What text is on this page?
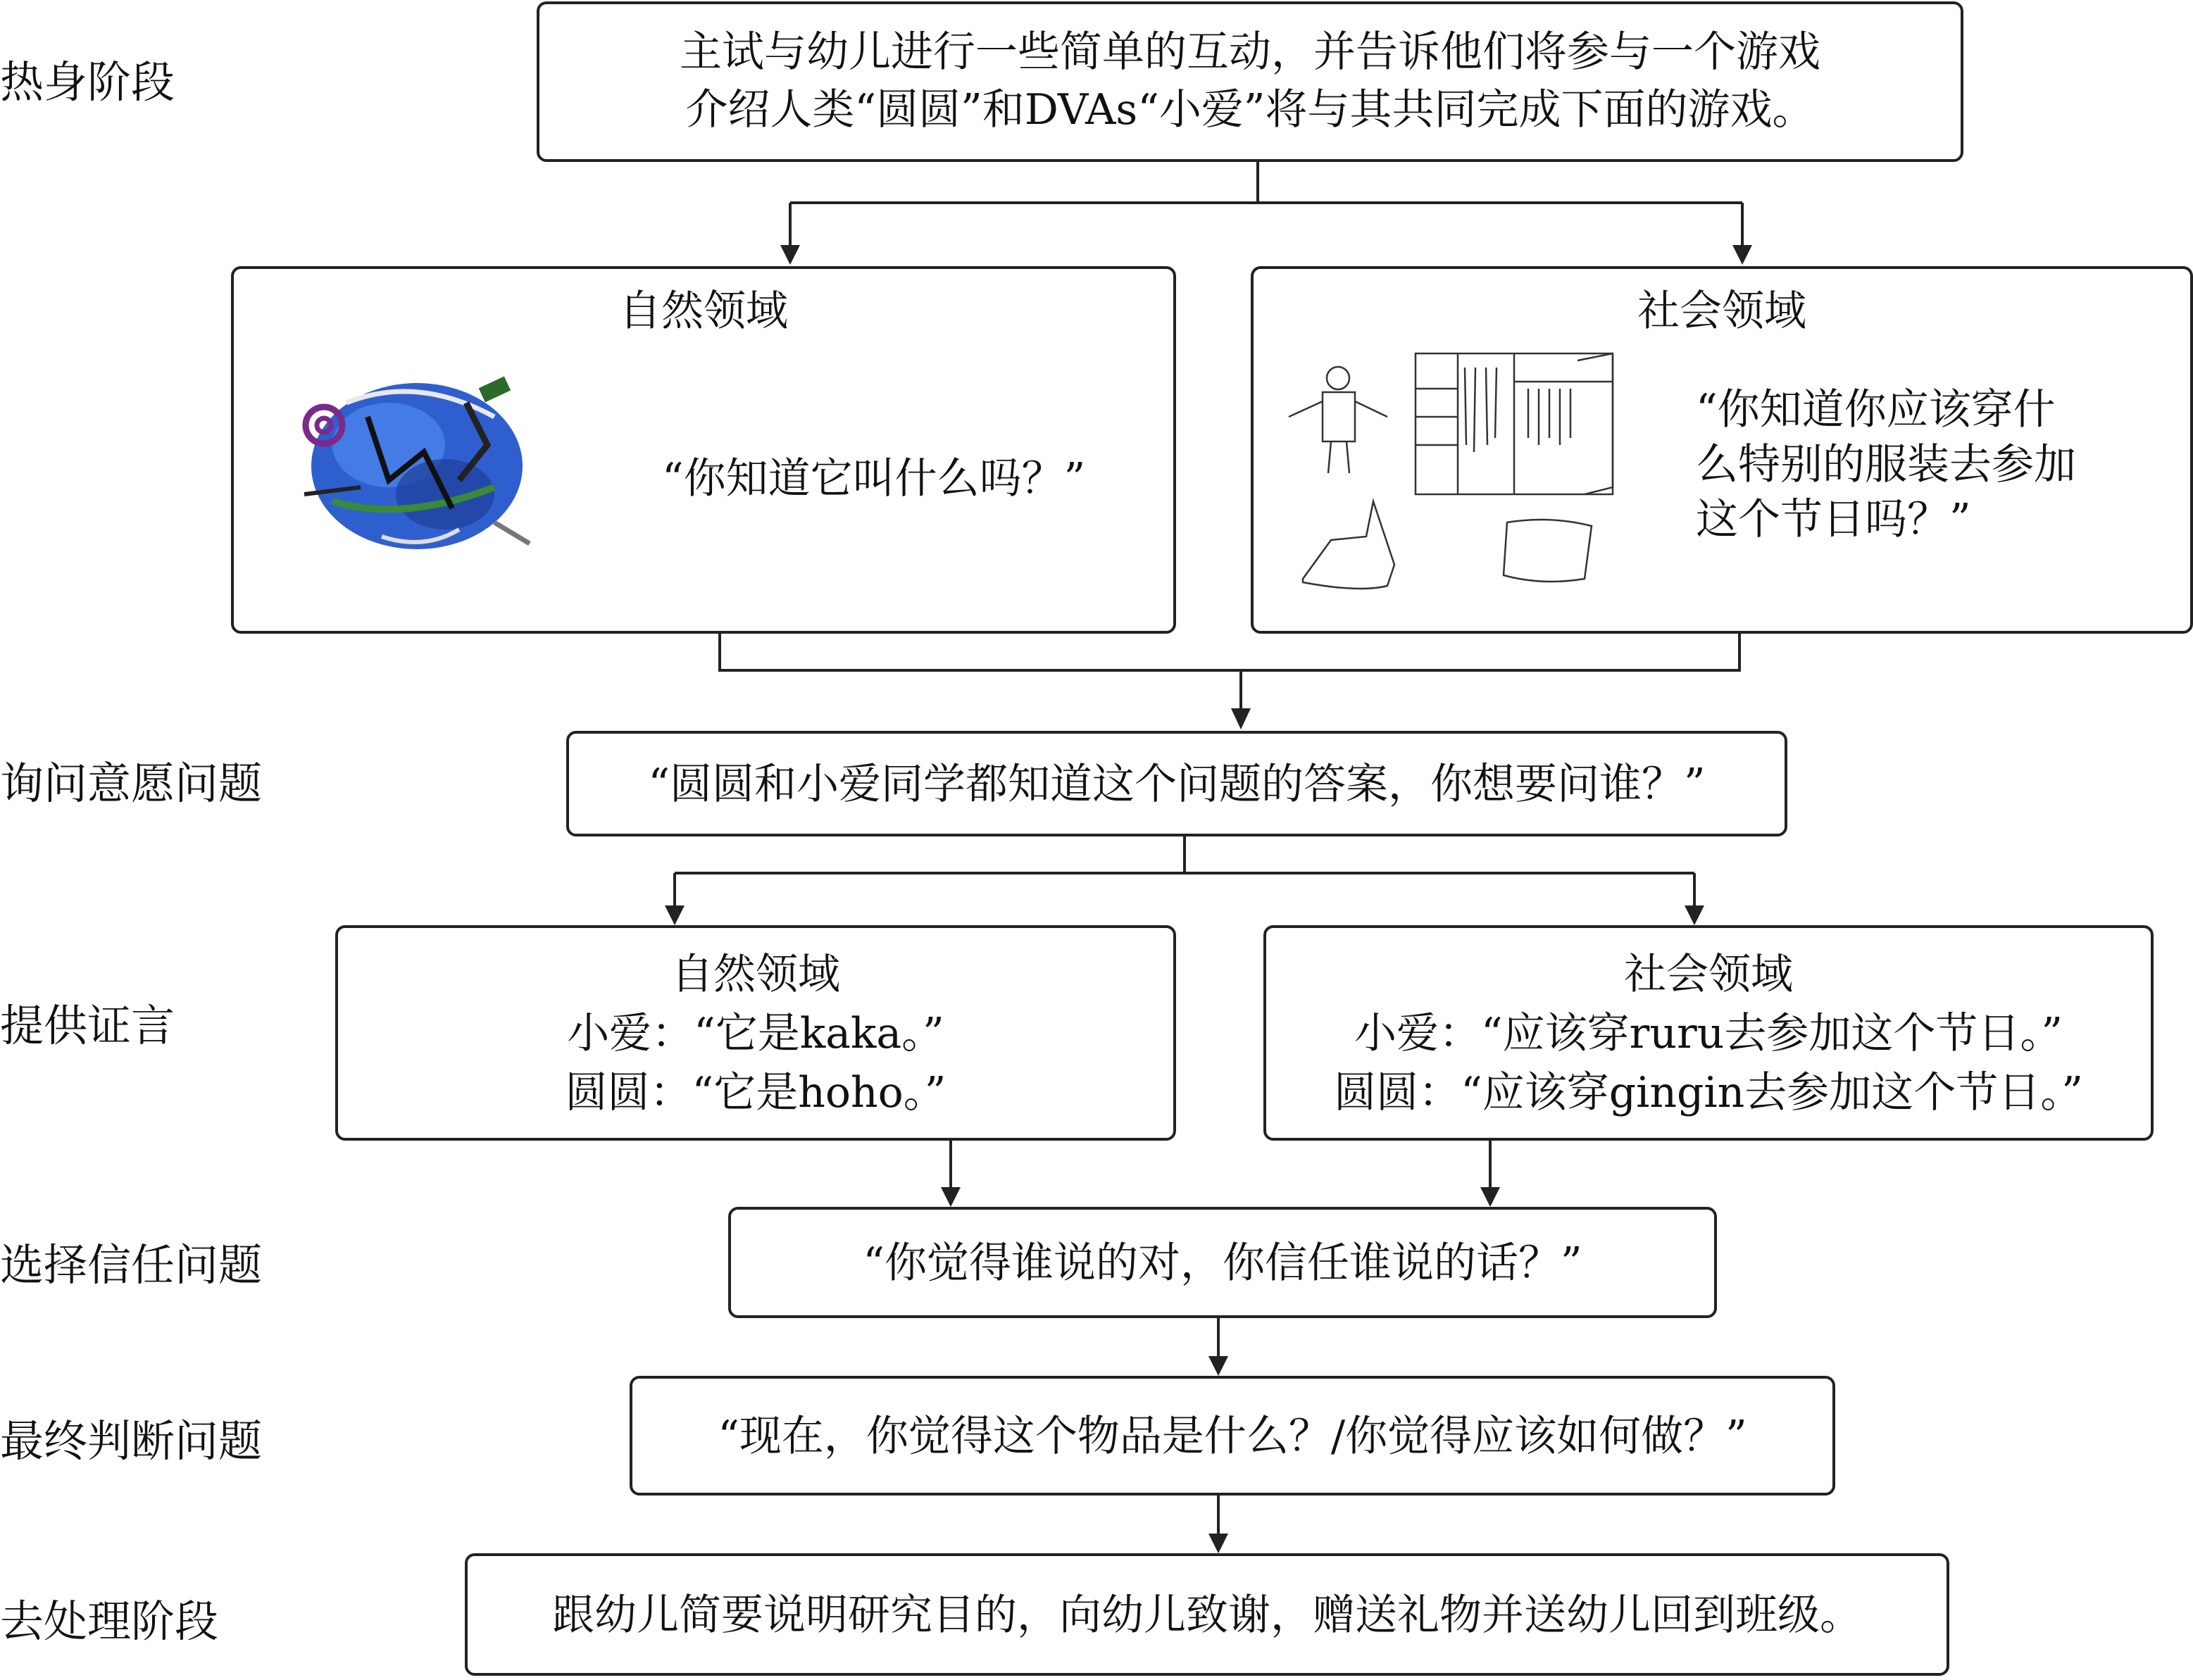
热身阶段
询问意愿问题
提供证言
选择信任问题
最终判断问题
去处理阶段
主试与幼儿进行一些简单的互动，并告诉他们将参与一个游戏
介绍人类“圆圆”和DVAs“小爱”将与其共同完成下面的游戏。
自然领域
“你知道它叫什么吗？”
社会领域
“你知道你应该穿什
么特别的服装去参加
这个节日吗？”
“圆圆和小爱同学都知道这个问题的答案，你想要问谁？”
自然领域
小爱：“它是kaka。”
圆圆：“它是hoho。”
社会领域
小爱：“应该穿ruru去参加这个节日。”
圆圆：“应该穿gingin去参加这个节日。”
“你觉得谁说的对，你信任谁说的话？”
“现在，你觉得这个物品是什么？/你觉得应该如何做？”
跟幼儿简要说明研究目的，向幼儿致谢，赠送礼物并送幼儿回到班级。
